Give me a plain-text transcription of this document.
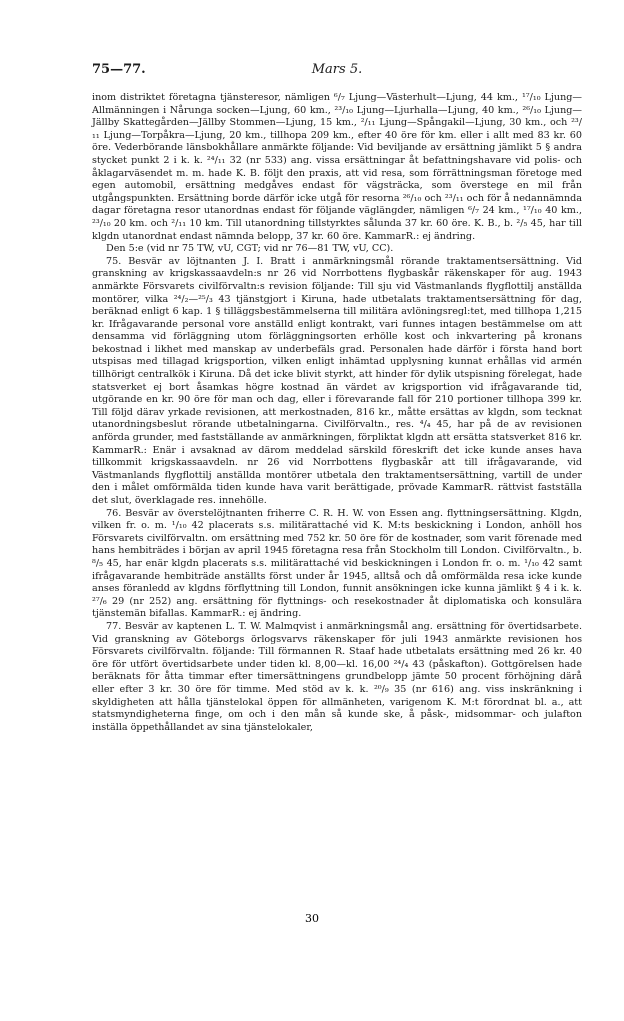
75—77.	Mars 5.

inom distriktet företagna tjänsteresor, nämligen ⁶/₇ Ljung—Västerhult—Ljung, 44 km., ¹⁷/₁₀ Ljung—Allmänningen i Nårunga socken—Ljung, 60 km., ²³/₁₀ Ljung—Ljurhalla—Ljung, 40 km., ²⁶/₁₀ Ljung—Jällby Skattegården—Jällby Stommen—Ljung, 15 km., ²/₁₁ Ljung—Spångakil—Ljung, 30 km., och ²³/₁₁ Ljung—Torpåkra—Ljung, 20 km., tillhopa 209 km., efter 40 öre för km. eller i allt med 83 kr. 60 öre. Vederbörande länsbokhållare anmärkte följande: Vid beviljande av ersättning jämlikt 5 § andra stycket punkt 2 i k. k. ²⁴/₁₁ 32 (nr 533) ang. vissa ersättningar åt befattningshavare vid polis- och åklagarväsendet m. m. hade K. B. följt den praxis, att vid resa, som förrättningsman företoge med egen automobil, ersättning medgåves endast för vägsträcka, som överstege en mil från utgångspunkten. Ersättning borde därför icke utgå för resorna ²⁶/₁₀ och ²³/₁₁ och för å nedannämnda dagar företagna resor utanordnas endast för följande väglängder, nämligen ⁶/₇ 24 km., ¹⁷/₁₀ 40 km., ²³/₁₀ 20 km. och ²/₁₁ 10 km. Till utanordning tillstyrktes sålunda 37 kr. 60 öre. K. B., b. ²/₅ 45, har till klgdn utanordnat endast nämnda belopp, 37 kr. 60 öre. KammarR.: ej ändring.

Den 5:e (vid nr 75 TW, vU, CGT; vid nr 76—81 TW, vU, CC).

75. Besvär av löjtnanten J. I. Bratt i anmärkningsmål rörande traktamentsersättning. Vid granskning av krigskassaavdeln:s nr 26 vid Norrbottens flygbaskår räkenskaper för aug. 1943 anmärkte Försvarets civilförvaltn:s revision följande: Till sju vid Västmanlands flygflottilj anställda montörer, vilka ²⁴/₂—²⁵/₃ 43 tjänstgjort i Kiruna, hade utbetalats traktamentsersättning för dag, beräknad enligt 6 kap. 1 § tilläggsbestämmelserna till militära avlöningsregl:tet, med tillhopa 1,215 kr. Ifrågavarande personal vore anställd enligt kontrakt, vari funnes intagen bestämmelse om att densamma vid förläggning utom förläggningsorten erhölle kost och inkvartering på kronans bekostnad i likhet med manskap av underbefäls grad. Personalen hade därför i första hand bort utspisas med tillagad krigsportion, vilken enligt inhämtad upplysning kunnat erhållas vid armén tillhörigt centralkök i Kiruna. Då det icke blivit styrkt, att hinder för dylik utspisning förelegat, hade statsverket ej bort åsamkas högre kostnad än värdet av krigsportion vid ifrågavarande tid, utgörande en kr. 90 öre för man och dag, eller i förevarande fall för 210 portioner tillhopa 399 kr. Till följd därav yrkade revisionen, att merkostnaden, 816 kr., måtte ersättas av klgdn, som tecknat utanordningsbeslut rörande utbetalningarna. Civilförvaltn., res. ⁴/₄ 45, har på de av revisionen anförda grunder, med fastställande av anmärkningen, förpliktat klgdn att ersätta statsverket 816 kr. KammarR.: Enär i avsaknad av därom meddelad särskild föreskrift det icke kunde anses hava tillkommit krigskassaavdeln. nr 26 vid Norrbottens flygbaskår att till ifrågavarande, vid Västmanlands flygflottilj anställda montörer utbetala den traktamentsersättning, vartill de under den i målet omförmälda tiden kunde hava varit berättigade, prövade KammarR. rättvist fastställa det slut, överklagade res. innehölle.

76. Besvär av överstelöjtnanten friherre C. R. H. W. von Essen ang. flyttningsersättning. Klgdn, vilken fr. o. m. ¹/₁₀ 42 placerats s.s. militärattaché vid K. M:ts beskickning i London, anhöll hos Försvarets civilförvaltn. om ersättning med 752 kr. 50 öre för de kostnader, som varit förenade med hans hembiträdes i början av april 1945 företagna resa från Stockholm till London. Civilförvaltn., b. ⁸/₅ 45, har enär klgdn placerats s.s. militärattaché vid beskickningen i London fr. o. m. ¹/₁₀ 42 samt ifrågavarande hembiträde anställts först under år 1945, alltså och då omförmälda resa icke kunde anses föranledd av klgdns förflyttning till London, funnit ansökningen icke kunna jämlikt § 4 i k. k. ²⁷/₆ 29 (nr 252) ang. ersättning för flyttnings- och resekostnader åt diplomatiska och konsulära tjänstemän bifallas. KammarR.: ej ändring.

77. Besvär av kaptenen L. T. W. Malmqvist i anmärkningsmål ang. ersättning för övertidsarbete. Vid granskning av Göteborgs örlogsvarvs räkenskaper för juli 1943 anmärkte revisionen hos Försvarets civilförvaltn. följande: Till förmannen R. Staaf hade utbetalats ersättning med 26 kr. 40 öre för utfört övertidsarbete under tiden kl. 8,00—kl. 16,00 ²⁴/₄ 43 (påskafton). Gottgörelsen hade beräknats för åtta timmar efter timersättningens grundbelopp jämte 50 procent förhöjning därå eller efter 3 kr. 30 öre för timme. Med stöd av k. k. ²⁰/₉ 35 (nr 616) ang. viss inskränkning i skyldigheten att hålla tjänstelokal öppen för allmänheten, varigenom K. M:t förordnat bl. a., att statsmyndigheterna finge, om och i den mån så kunde ske, å påsk-, midsommar- och julafton inställa öppethållandet av sina tjänstelokaler,

30
